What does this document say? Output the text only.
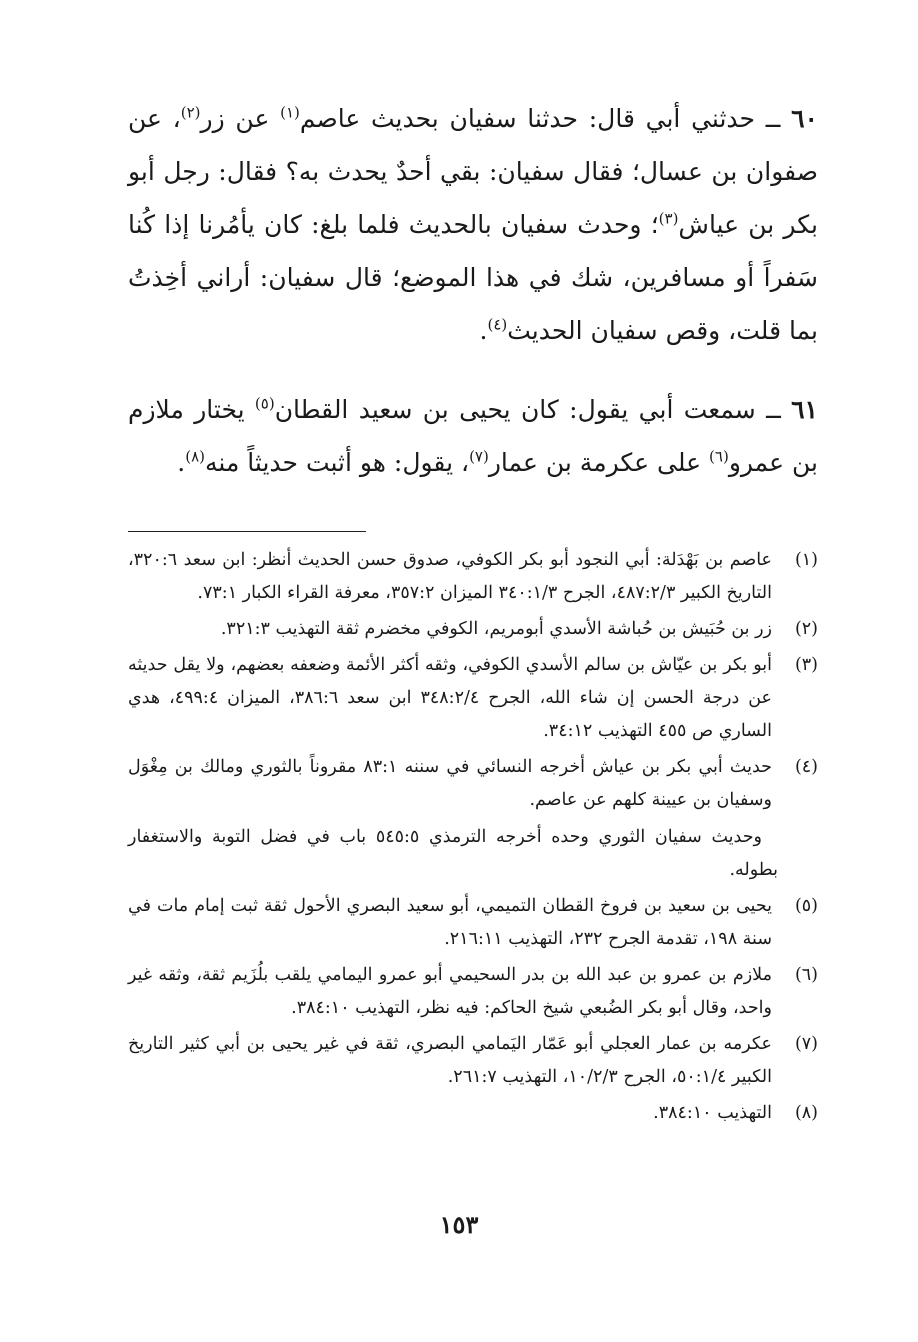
٦٠ ــ حدثني أبي قال: حدثنا سفيان بحديث عاصم$^{(١)}$ عن زر$^{(٢)}$، عن صفوان بن عسال؛ فقال سفيان: بقي أحدٌ يحدث به؟ فقال: رجل أبو بكر بن عياش$^{(٣)}$؛ وحدث سفيان بالحديث فلما بلغ: كان يأمُرنا إذا كُنا سَفراً أو مسافرين، شك في هذا الموضع؛ قال سفيان: أراني أخِذتُ بما قلت، وقص سفيان الحديث$^{(٤)}$.

٦١ ــ سمعت أبي يقول: كان يحيى بن سعيد القطان$^{(٥)}$ يختار ملازم بن عمرو$^{(٦)}$ على عكرمة بن عمار$^{(٧)}$، يقول: هو أثبت حديثاً منه$^{(٨)}$.

(١)
عاصم بن بَهْدَلة: أبي النجود أبو بكر الكوفي، صدوق حسن الحديث أنظر: ابن سعد ٣٢٠:٦، التاريخ الكبير ٤٨٧:٢/٣، الجرح ٣٤٠:١/٣ الميزان ٣٥٧:٢، معرفة القراء الكبار ٧٣:١.
(٢)
زر بن حُبَيش بن حُباشة الأسدي أبومريم، الكوفي مخضرم ثقة التهذيب ٣٢١:٣.
(٣)
أبو بكر بن عيّاش بن سالم الأسدي الكوفي، وثقه أكثر الأئمة وضعفه بعضهم، ولا يقل حديثه عن درجة الحسن إن شاء الله، الجرح ٣٤٨:٢/٤ ابن سعد ٣٨٦:٦، الميزان ٤٩٩:٤، هدي الساري ص ٤٥٥ التهذيب ٣٤:١٢.
(٤)
حديث أبي بكر بن عياش أخرجه النسائي في سننه ٨٣:١ مقروناً بالثوري ومالك بن مِغْوَل وسفيان بن عيينة كلهم عن عاصم.

وحديث سفيان الثوري وحده أخرجه الترمذي ٥٤٥:٥ باب في فضل التوبة والاستغفار بطوله.

(٥)
يحيى بن سعيد بن فروخ القطان التميمي، أبو سعيد البصري الأحول ثقة ثبت إمام مات في سنة ١٩٨، تقدمة الجرح ٢٣٢، التهذيب ٢١٦:١١.
(٦)
ملازم بن عمرو بن عبد الله بن بدر السحيمي أبو عمرو اليمامي يلقب بلُزَيم ثقة، وثقه غير واحد، وقال أبو بكر الضُبعي شيخ الحاكم: فيه نظر، التهذيب ٣٨٤:١٠.
(٧)
عكرمه بن عمار العجلي أبو عَمّار اليَمامي البصري، ثقة في غير يحيى بن أبي كثير التاريخ الكبير ٥٠:١/٤، الجرح ١٠/٢/٣، التهذيب ٢٦١:٧.
(٨)
التهذيب ٣٨٤:١٠.
١٥٣
